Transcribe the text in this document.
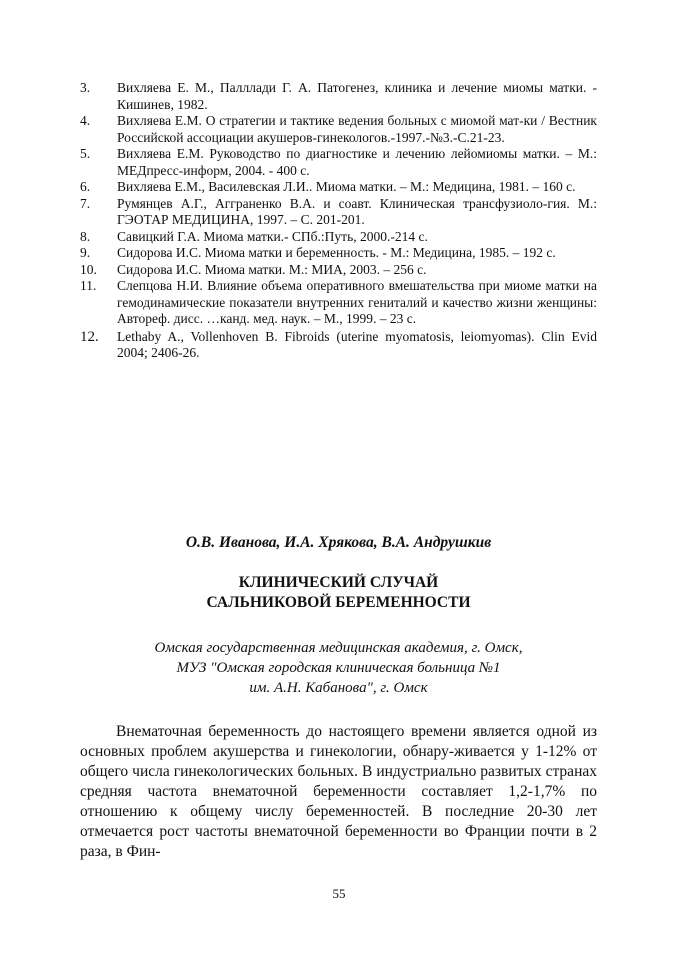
3.	Вихляева Е. М., Палллади Г. А. Патогенез, клиника и лечение миомы матки. - Кишинев, 1982.
4.	Вихляева Е.М. О стратегии и тактике ведения больных с миомой мат-ки / Вестник Российской ассоциации акушеров-гинекологов.-1997.-№3.-С.21-23.
5.	Вихляева Е.М. Руководство по диагностике и лечению лейомиомы матки. – М.: МЕДпресс-информ, 2004. - 400 с.
6.	Вихляева Е.М., Василевская Л.И.. Миома матки. – М.: Медицина, 1981. – 160 с.
7.	Румянцев А.Г., Агграненко В.А. и соавт. Клиническая трансфузиоло-гия. М.: ГЭОТАР МЕДИЦИНА, 1997. – С. 201-201.
8.	Савицкий Г.А. Миома матки.- СПб.:Путь, 2000.-214 с.
9.	Сидорова И.С. Миома матки и беременность. - М.: Медицина, 1985. – 192 с.
10.	Сидорова И.С. Миома матки. М.: МИА, 2003. – 256 с.
11.	Слепцова Н.И. Влияние объема оперативного вмешательства при миоме матки на гемодинамические показатели внутренних гениталий и качество жизни женщины: Автореф. дисс. …канд. мед. наук. – М., 1999. – 23 с.
12.	Lethaby A., Vollenhoven B. Fibroids (uterine myomatosis, leiomyomas). Clin Evid 2004; 2406-26.
О.В. Иванова, И.А. Хрякова, В.А. Андрушкив
КЛИНИЧЕСКИЙ СЛУЧАЙ
САЛЬНИКОВОЙ БЕРЕМЕННОСТИ
Омская государственная медицинская академия, г. Омск,
МУЗ "Омская городская клиническая больница №1
им. А.Н. Кабанова", г. Омск

Внематочная беременность до настоящего времени является одной из основных проблем акушерства и гинекологии, обнару-живается у 1-12% от общего числа гинекологических больных. В индустриально развитых странах средняя частота внематочной беременности составляет 1,2-1,7% по отношению к общему числу беременностей. В последние 20-30 лет отмечается рост частоты внематочной беременности во Франции почти в 2 раза, в Фин-

55
